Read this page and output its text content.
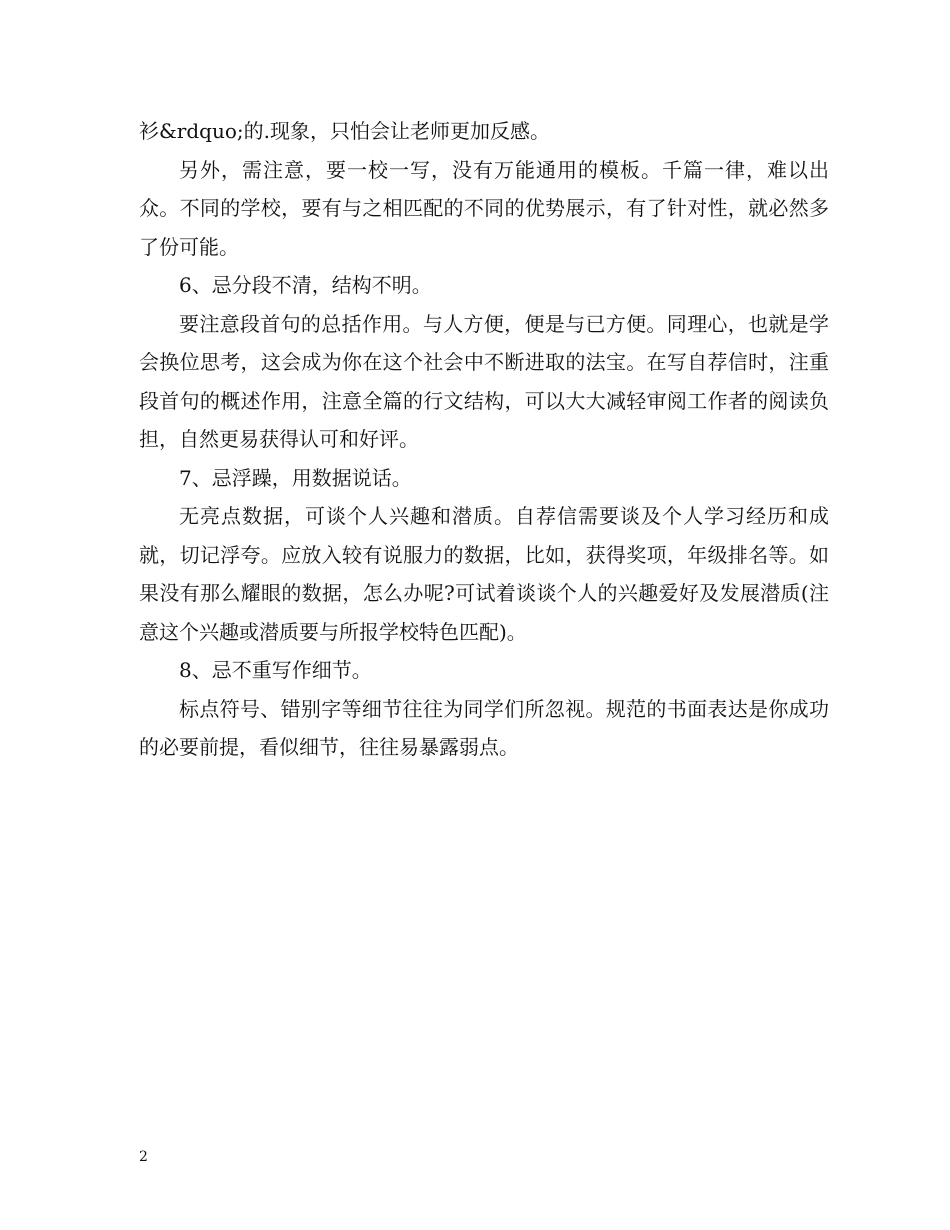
衫&rdquo;的.现象，只怕会让老师更加反感。

另外，需注意，要一校一写，没有万能通用的模板。千篇一律，难以出众。不同的学校，要有与之相匹配的不同的优势展示，有了针对性，就必然多了份可能。

6、忌分段不清，结构不明。

要注意段首句的总括作用。与人方便，便是与已方便。同理心，也就是学会换位思考，这会成为你在这个社会中不断进取的法宝。在写自荐信时，注重段首句的概述作用，注意全篇的行文结构，可以大大减轻审阅工作者的阅读负担，自然更易获得认可和好评。

7、忌浮躁，用数据说话。

无亮点数据，可谈个人兴趣和潜质。自荐信需要谈及个人学习经历和成就，切记浮夸。应放入较有说服力的数据，比如，获得奖项，年级排名等。如果没有那么耀眼的数据，怎么办呢?可试着谈谈个人的兴趣爱好及发展潜质(注意这个兴趣或潜质要与所报学校特色匹配)。

8、忌不重写作细节。

标点符号、错别字等细节往往为同学们所忽视。规范的书面表达是你成功的必要前提，看似细节，往往易暴露弱点。

2
